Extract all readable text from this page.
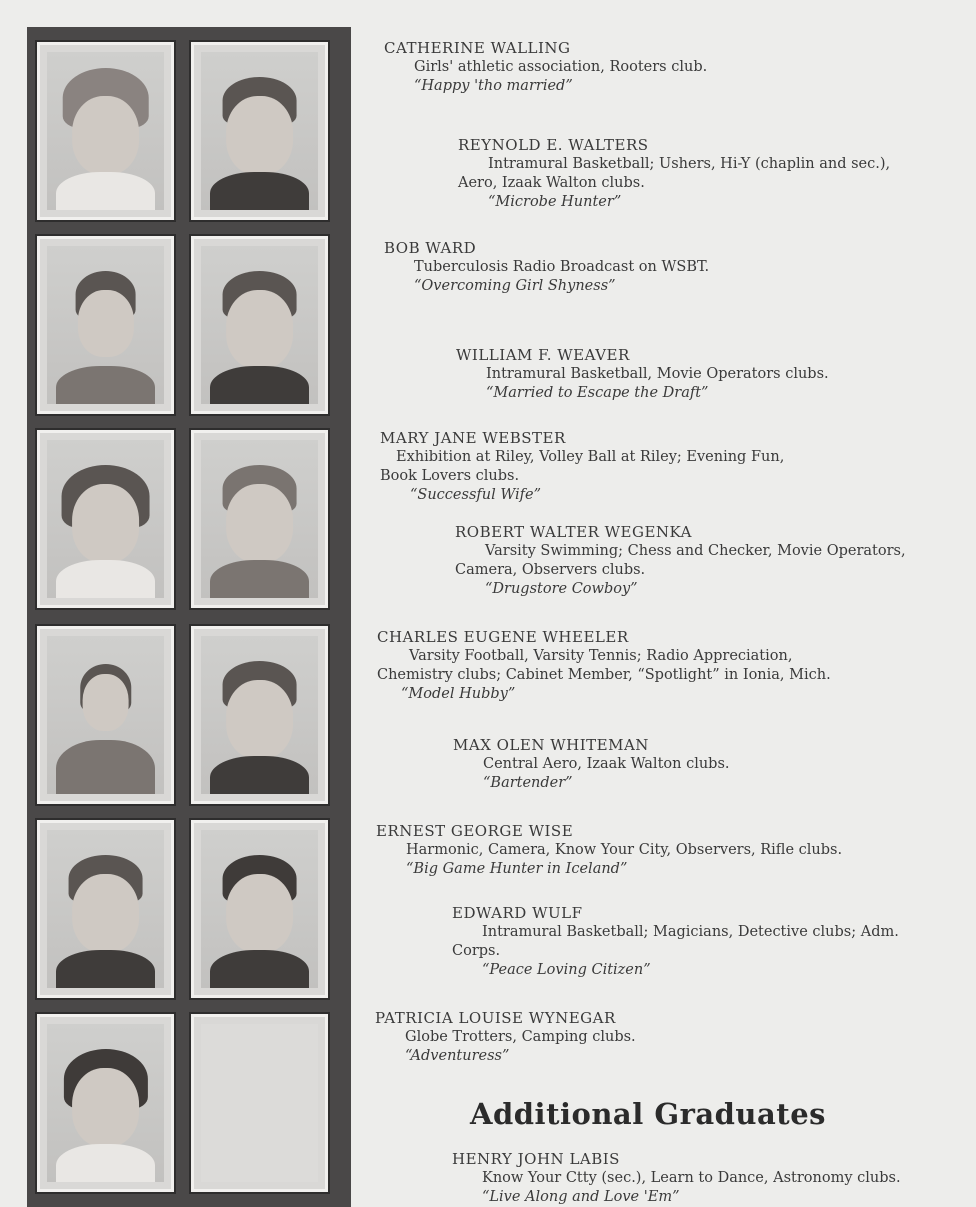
CATHERINE WALLING
Girls' athletic association, Rooters club.
“Happy 'tho married”
REYNOLD E. WALTERS
Intramural Basketball; Ushers, Hi-Y (chaplin and sec.),
Aero, Izaak Walton clubs.
“Microbe Hunter”
BOB WARD
Tuberculosis Radio Broadcast on WSBT.
“Overcoming Girl Shyness”
WILLIAM F. WEAVER
Intramural Basketball, Movie Operators clubs.
“Married to Escape the Draft”
MARY JANE WEBSTER
Exhibition at Riley, Volley Ball at Riley; Evening Fun,
Book Lovers clubs.
“Successful Wife”
ROBERT WALTER WEGENKA
Varsity Swimming; Chess and Checker, Movie Operators,
Camera, Observers clubs.
“Drugstore Cowboy”
CHARLES EUGENE WHEELER
Varsity Football, Varsity Tennis; Radio Appreciation,
Chemistry clubs; Cabinet Member, “Spotlight” in Ionia, Mich.
“Model Hubby”
MAX OLEN WHITEMAN
Central Aero, Izaak Walton clubs.
“Bartender”
ERNEST GEORGE WISE
Harmonic, Camera, Know Your City, Observers, Rifle clubs.
“Big Game Hunter in Iceland”
EDWARD WULF
Intramural Basketball; Magicians, Detective clubs; Adm.
Corps.
“Peace Loving Citizen”
PATRICIA LOUISE WYNEGAR
Globe Trotters, Camping clubs.
“Adventuress”
Additional Graduates
HENRY JOHN LABIS
Know Your Ctty (sec.), Learn to Dance, Astronomy clubs.
“Live Along and Love 'Em”
